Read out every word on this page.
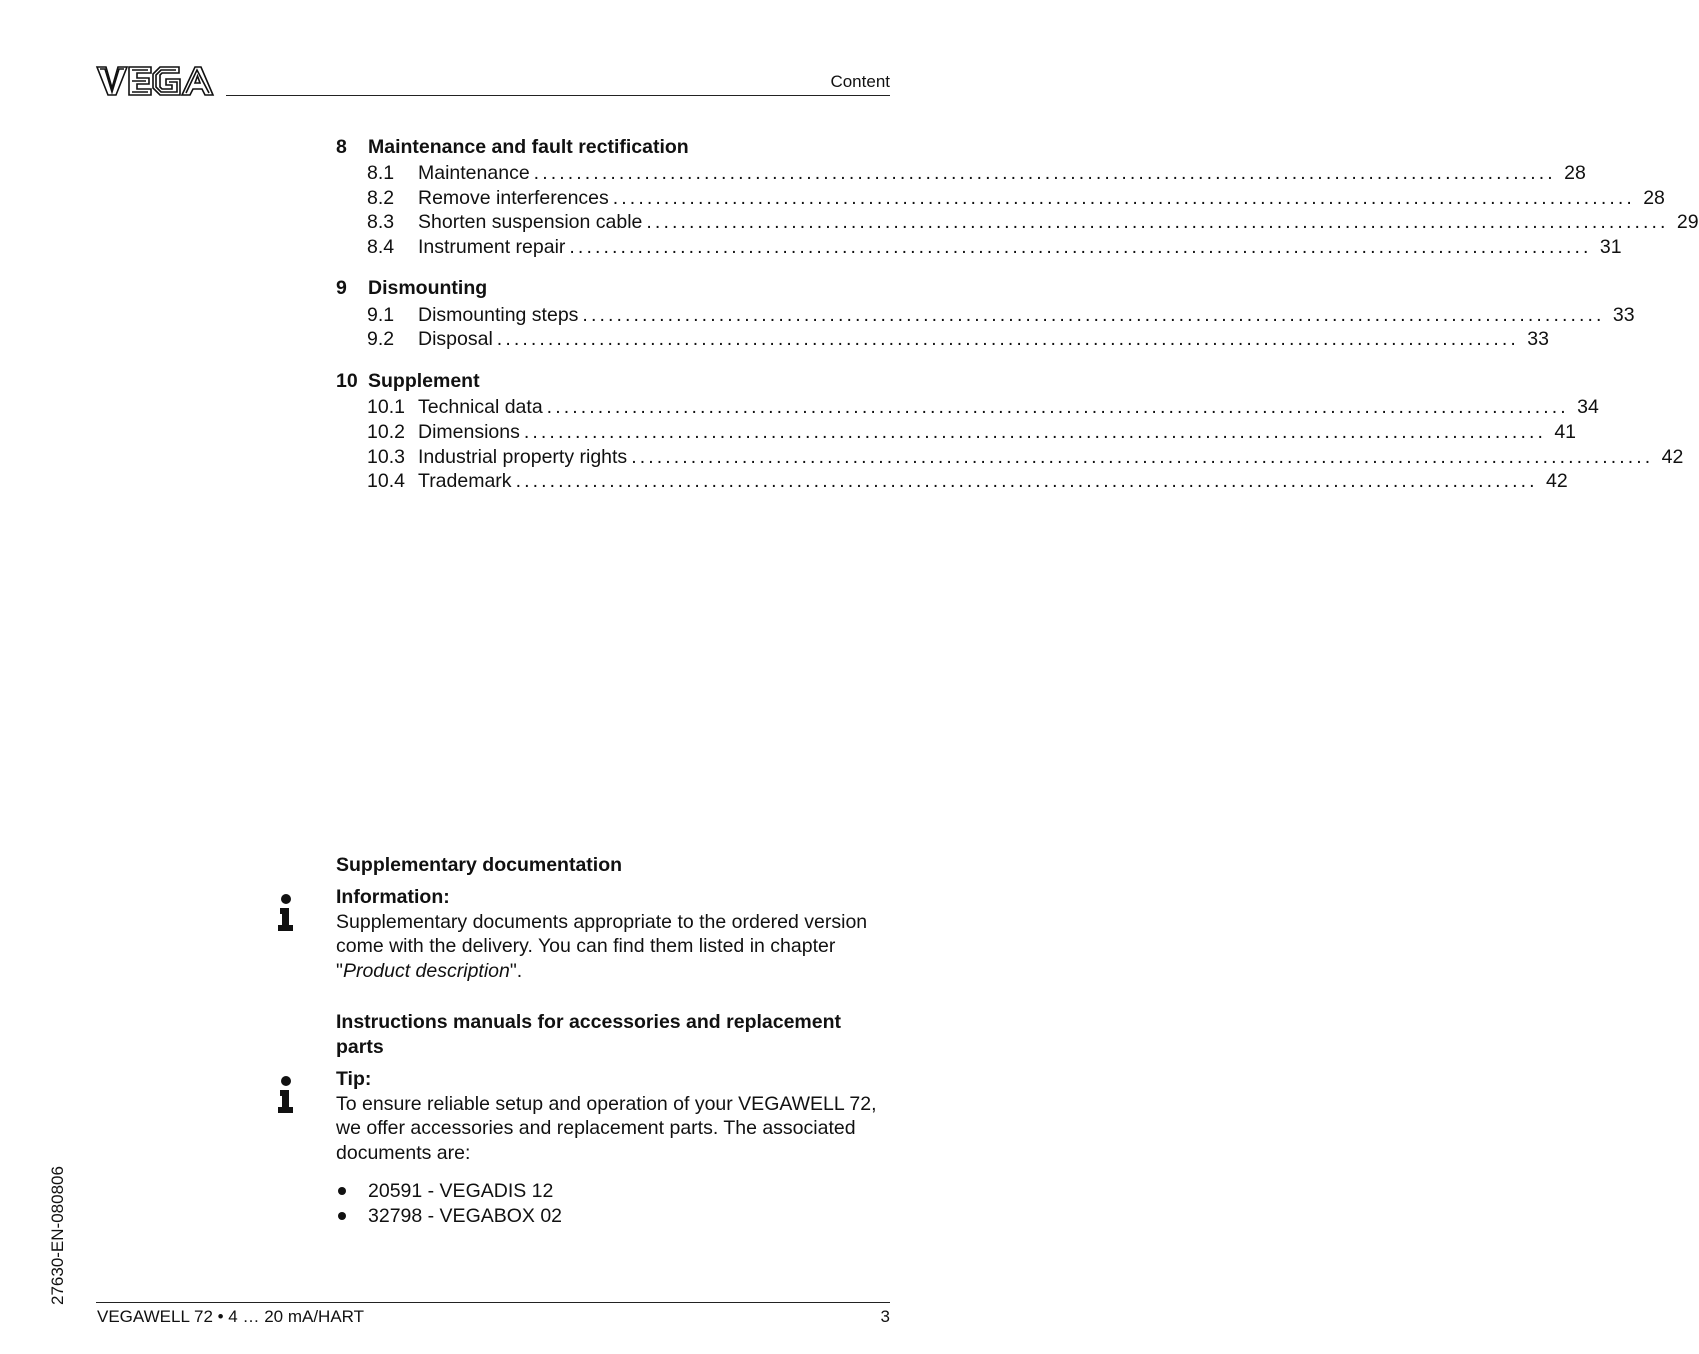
Content
8	Maintenance and fault rectification
8.1	Maintenance ........................................................................................................................ 28
8.2	Remove interferences ........................................................................................................................ 28
8.3	Shorten suspension cable ........................................................................................................................ 29
8.4	Instrument repair ........................................................................................................................ 31
9	Dismounting
9.1	Dismounting steps ........................................................................................................................ 33
9.2	Disposal ........................................................................................................................ 33
10 Supplement
10.1 Technical data ........................................................................................................................ 34
10.2 Dimensions ........................................................................................................................ 41
10.3 Industrial property rights ........................................................................................................................ 42
10.4 Trademark ........................................................................................................................ 42
Supplementary documentation
Information:
Supplementary documents appropriate to the ordered version come with the delivery. You can find them listed in chapter "Product description".
Instructions manuals for accessories and replacement parts
Tip:
To ensure reliable setup and operation of your VEGAWELL 72, we offer accessories and replacement parts. The associated documents are:
20591 - VEGADIS 12
32798 - VEGABOX 02
27630-EN-080806
VEGAWELL 72 • 4 … 20 mA/HART	3
